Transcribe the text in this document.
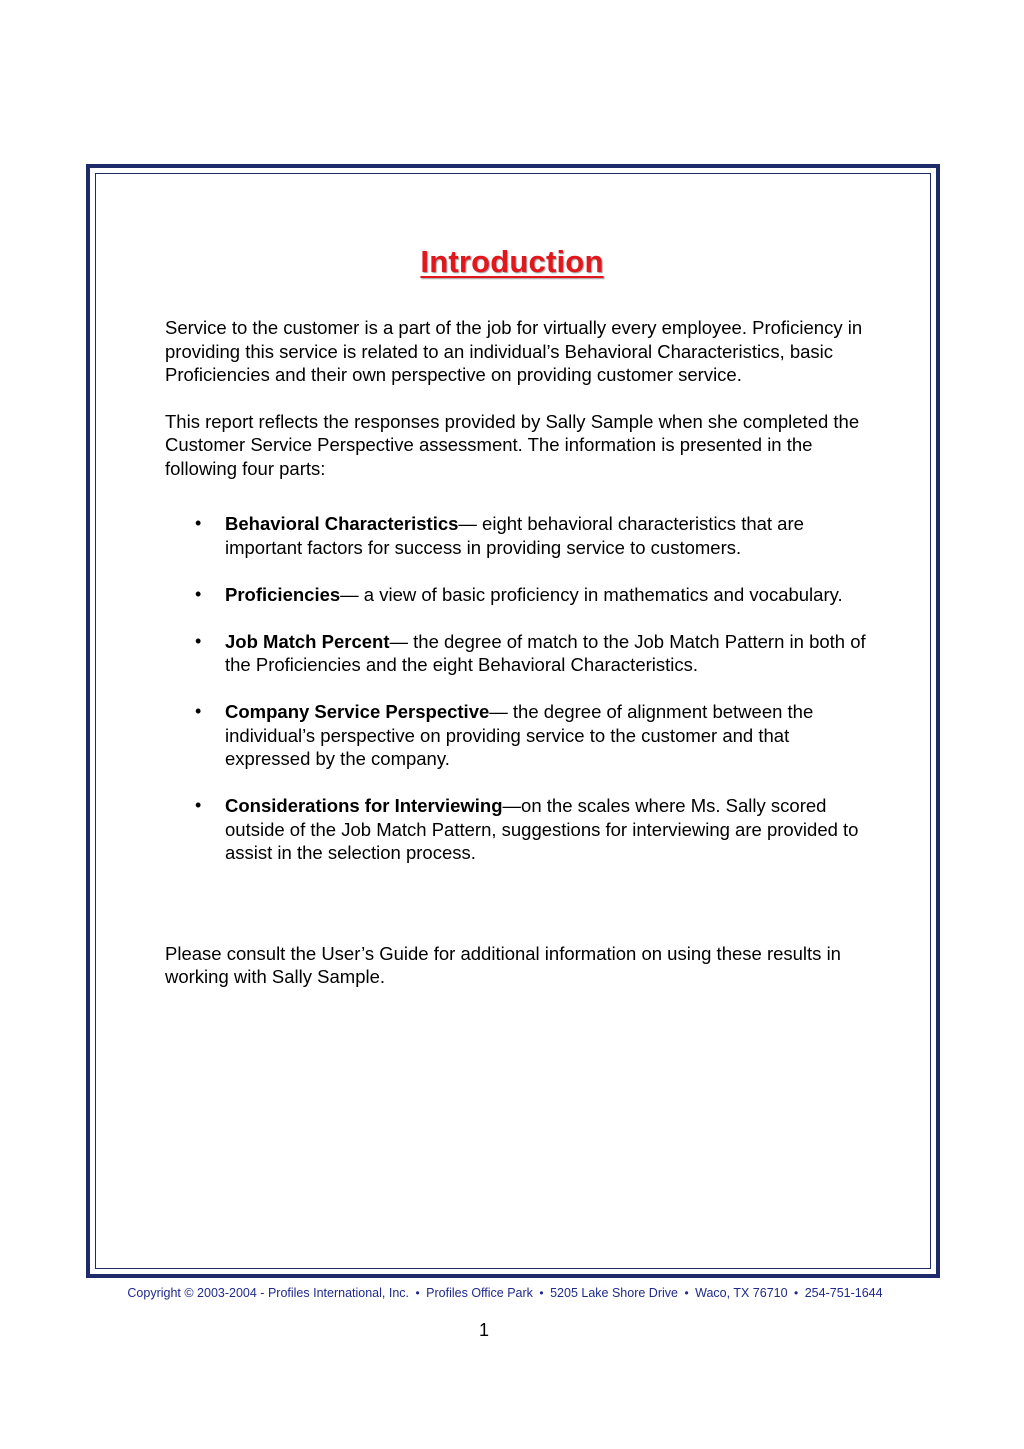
Introduction

Service to the customer is a part of the job for virtually every employee. Proficiency in providing this service is related to an individual’s Behavioral Characteristics, basic Proficiencies and their own perspective on providing customer service.

This report reflects the responses provided by Sally Sample when she completed the Customer Service Perspective assessment. The information is presented in the following four parts:

• Behavioral Characteristics— eight behavioral characteristics that are important factors for success in providing service to customers.
• Proficiencies— a view of basic proficiency in mathematics and vocabulary.
• Job Match Percent— the degree of match to the Job Match Pattern in both of the Proficiencies and the eight Behavioral Characteristics.
• Company Service Perspective— the degree of alignment between the individual’s perspective on providing service to the customer and that expressed by the company.
• Considerations for Interviewing—on the scales where Ms. Sally scored outside of the Job Match Pattern, suggestions for interviewing are provided to assist in the selection process.

Please consult the User’s Guide for additional information on using these results in working with Sally Sample.

Copyright © 2003-2004 - Profiles International, Inc. • Profiles Office Park • 5205 Lake Shore Drive • Waco, TX 76710 • 254-751-1644
1
